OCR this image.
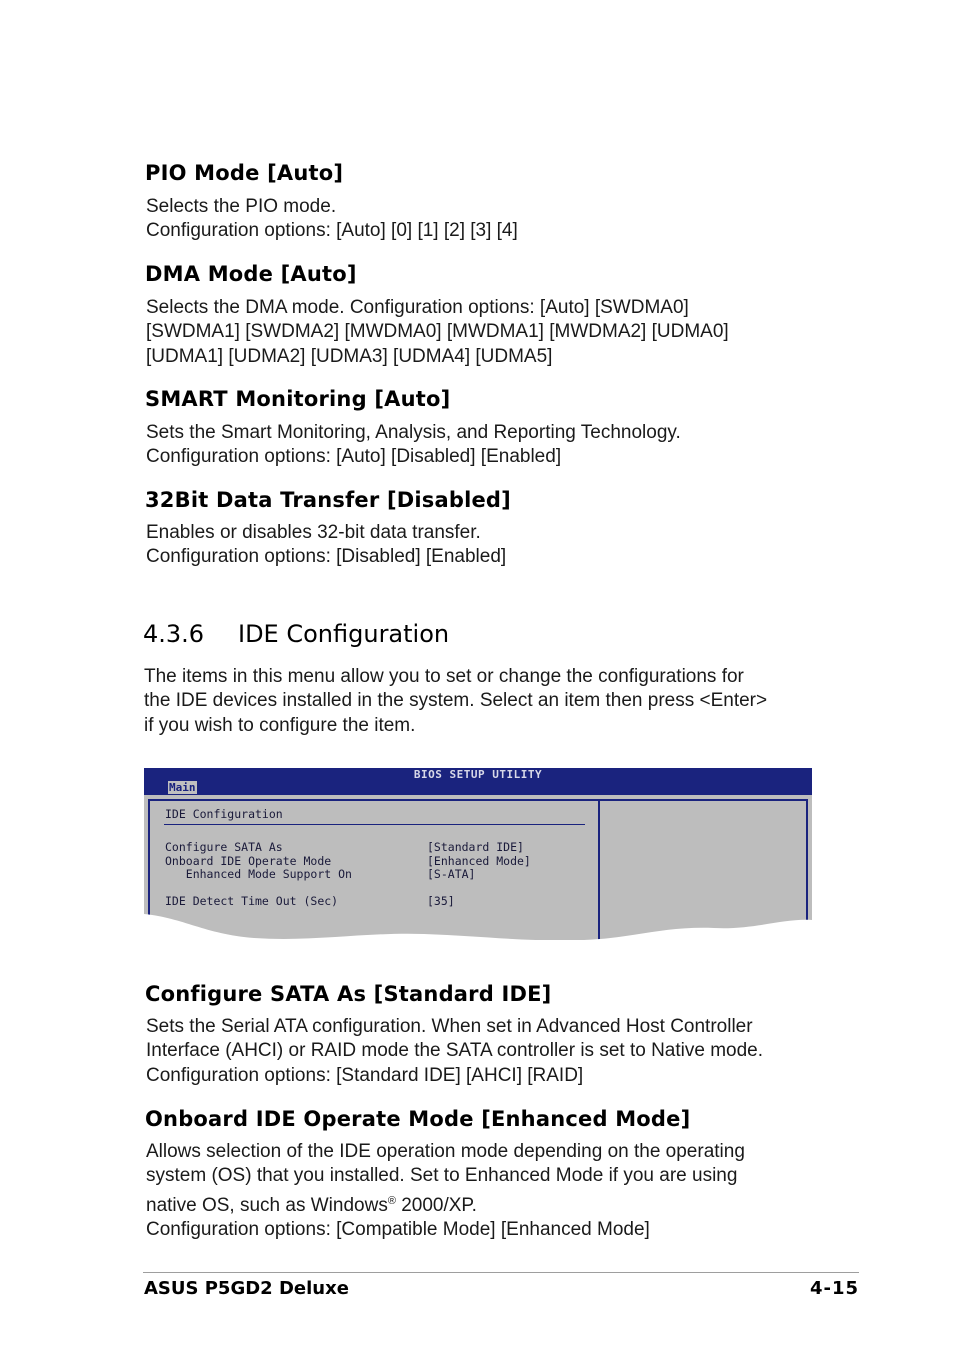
PIO Mode [Auto]
Selects the PIO mode.
Configuration options: [Auto] [0] [1] [2] [3] [4]
DMA Mode [Auto]
Selects the DMA mode. Configuration options: [Auto] [SWDMA0]
[SWDMA1] [SWDMA2] [MWDMA0] [MWDMA1] [MWDMA2] [UDMA0]
[UDMA1] [UDMA2] [UDMA3] [UDMA4] [UDMA5]
SMART Monitoring [Auto]
Sets the Smart Monitoring, Analysis, and Reporting Technology.
Configuration options: [Auto] [Disabled] [Enabled]
32Bit Data Transfer [Disabled]
Enables or disables 32-bit data transfer.
Configuration options: [Disabled] [Enabled]
4.3.6 IDE Configuration
The items in this menu allow you to set or change the configurations for
the IDE devices installed in the system. Select an item then press <Enter>
if you wish to configure the item.
BIOS SETUP UTILITY
Main
IDE Configuration
Configure SATA As	[Standard IDE]
Onboard IDE Operate Mode	[Enhanced Mode]
Enhanced Mode Support On	[S-ATA]
IDE Detect Time Out (Sec)	[35]
Configure SATA As [Standard IDE]
Sets the Serial ATA configuration. When set in Advanced Host Controller
Interface (AHCI) or RAID mode the SATA controller is set to Native mode.
Configuration options: [Standard IDE] [AHCI] [RAID]
Onboard IDE Operate Mode [Enhanced Mode]
Allows selection of the IDE operation mode depending on the operating
system (OS) that you installed. Set to Enhanced Mode if you are using
native OS, such as Windows® 2000/XP.
Configuration options: [Compatible Mode] [Enhanced Mode]
ASUS P5GD2 Deluxe	4-15
